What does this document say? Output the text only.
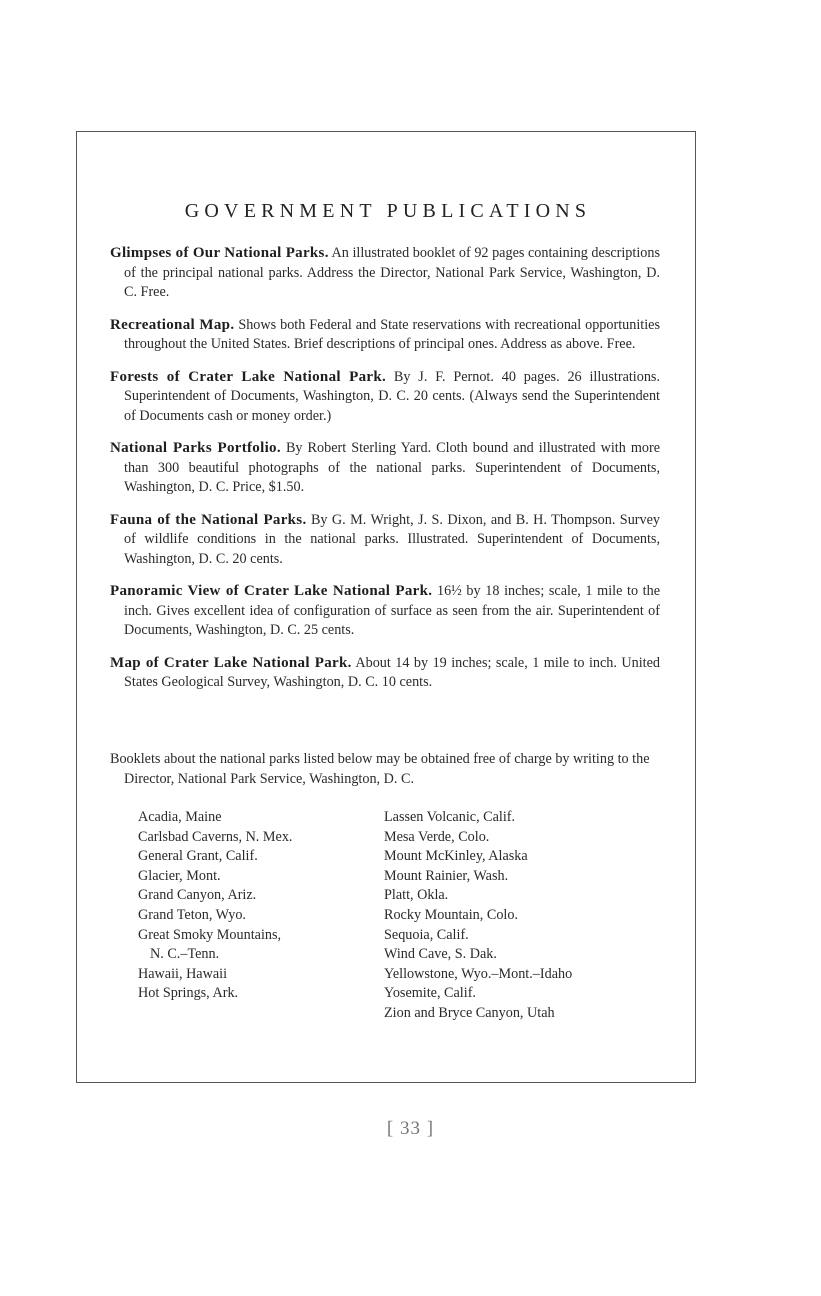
GOVERNMENT PUBLICATIONS

Glimpses of Our National Parks. An illustrated booklet of 92 pages containing descriptions of the principal national parks. Address the Director, National Park Service, Washington, D. C. Free.

Recreational Map. Shows both Federal and State reservations with recreational opportunities throughout the United States. Brief descriptions of principal ones. Address as above. Free.

Forests of Crater Lake National Park. By J. F. Pernot. 40 pages. 26 illustrations. Superintendent of Documents, Washington, D. C. 20 cents. (Always send the Superintendent of Documents cash or money order.)

National Parks Portfolio. By Robert Sterling Yard. Cloth bound and illustrated with more than 300 beautiful photographs of the national parks. Superintendent of Documents, Washington, D. C. Price, $1.50.

Fauna of the National Parks. By G. M. Wright, J. S. Dixon, and B. H. Thompson. Survey of wildlife conditions in the national parks. Illustrated. Superintendent of Documents, Washington, D. C. 20 cents.

Panoramic View of Crater Lake National Park. 16½ by 18 inches; scale, 1 mile to the inch. Gives excellent idea of configuration of surface as seen from the air. Superintendent of Documents, Washington, D. C. 25 cents.

Map of Crater Lake National Park. About 14 by 19 inches; scale, 1 mile to inch. United States Geological Survey, Washington, D. C. 10 cents.

Booklets about the national parks listed below may be obtained free of charge by writing to the Director, National Park Service, Washington, D. C.

Acadia, Maine
Carlsbad Caverns, N. Mex.
General Grant, Calif.
Glacier, Mont.
Grand Canyon, Ariz.
Grand Teton, Wyo.
Great Smoky Mountains,
N. C.–Tenn.
Hawaii, Hawaii
Hot Springs, Ark.
Lassen Volcanic, Calif.
Mesa Verde, Colo.
Mount McKinley, Alaska
Mount Rainier, Wash.
Platt, Okla.
Rocky Mountain, Colo.
Sequoia, Calif.
Wind Cave, S. Dak.
Yellowstone, Wyo.–Mont.–Idaho
Yosemite, Calif.
Zion and Bryce Canyon, Utah

[ 33 ]
